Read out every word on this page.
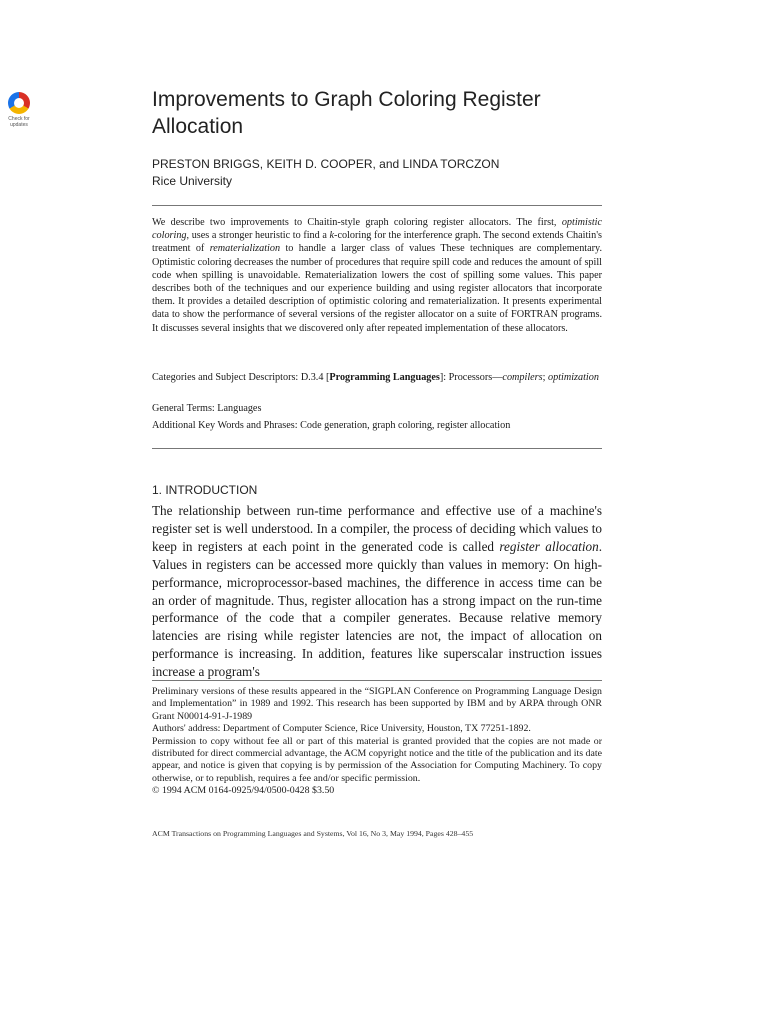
Check for updates
Improvements to Graph Coloring Register Allocation
PRESTON BRIGGS, KEITH D. COOPER, and LINDA TORCZON
Rice University
We describe two improvements to Chaitin-style graph coloring register allocators. The first, optimistic coloring, uses a stronger heuristic to find a k-coloring for the interference graph. The second extends Chaitin's treatment of rematerialization to handle a larger class of values These techniques are complementary. Optimistic coloring decreases the number of procedures that require spill code and reduces the amount of spill code when spilling is unavoidable. Rematerialization lowers the cost of spilling some values. This paper describes both of the techniques and our experience building and using register allocators that incorporate them. It provides a detailed description of optimistic coloring and rematerialization. It presents experimental data to show the performance of several versions of the register allocator on a suite of FORTRAN programs. It discusses several insights that we discovered only after repeated implementation of these allocators.
Categories and Subject Descriptors: D.3.4 [Programming Languages]: Processors—compilers; optimization
General Terms: Languages
Additional Key Words and Phrases: Code generation, graph coloring, register allocation
1. INTRODUCTION
The relationship between run-time performance and effective use of a machine's register set is well understood. In a compiler, the process of deciding which values to keep in registers at each point in the generated code is called register allocation. Values in registers can be accessed more quickly than values in memory: On high-performance, microprocessor-based machines, the difference in access time can be an order of magnitude. Thus, register allocation has a strong impact on the run-time performance of the code that a compiler generates. Because relative memory latencies are rising while register latencies are not, the impact of allocation on performance is increasing. In addition, features like superscalar instruction issues increase a program's
Preliminary versions of these results appeared in the “SIGPLAN Conference on Programming Language Design and Implementation” in 1989 and 1992. This research has been supported by IBM and by ARPA through ONR Grant N00014-91-J-1989
Authors' address: Department of Computer Science, Rice University, Houston, TX 77251-1892.
Permission to copy without fee all or part of this material is granted provided that the copies are not made or distributed for direct commercial advantage, the ACM copyright notice and the title of the publication and its date appear, and notice is given that copying is by permission of the Association for Computing Machinery. To copy otherwise, or to republish, requires a fee and/or specific permission.
© 1994 ACM 0164-0925/94/0500-0428 $3.50
ACM Transactions on Programming Languages and Systems, Vol 16, No 3, May 1994, Pages 428–455
